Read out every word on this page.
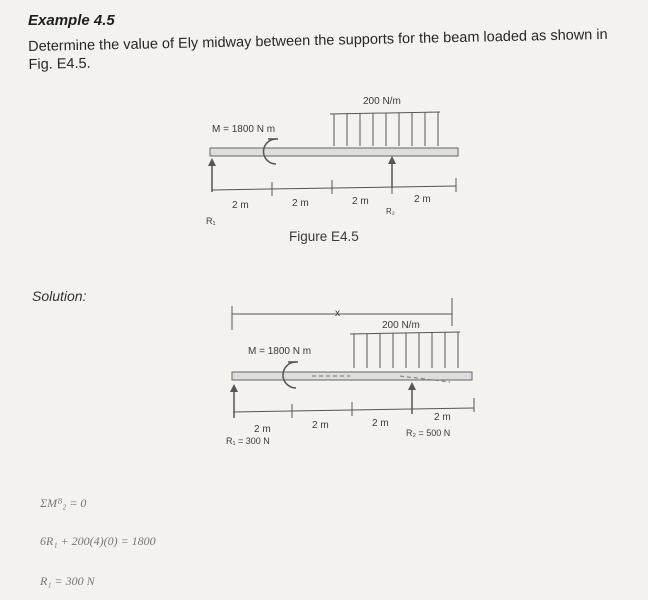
Example 4.5
Determine the value of Ely midway between the supports for the beam loaded as shown in Fig. E4.5.
200 N/m
M = 1800 N m
2 m	2 m	2 m	2 m
R₁
R₂
Figure E4.5
x
200 N/m
M = 1800 N m
2 m	2 m	2 m
2 m
R₁ = 300 N
R₂ = 500 N
Solution:
ΣMᴮ₂ = 0
6R₁ + 200(4)(0) = 1800
R₁ = 300 N
